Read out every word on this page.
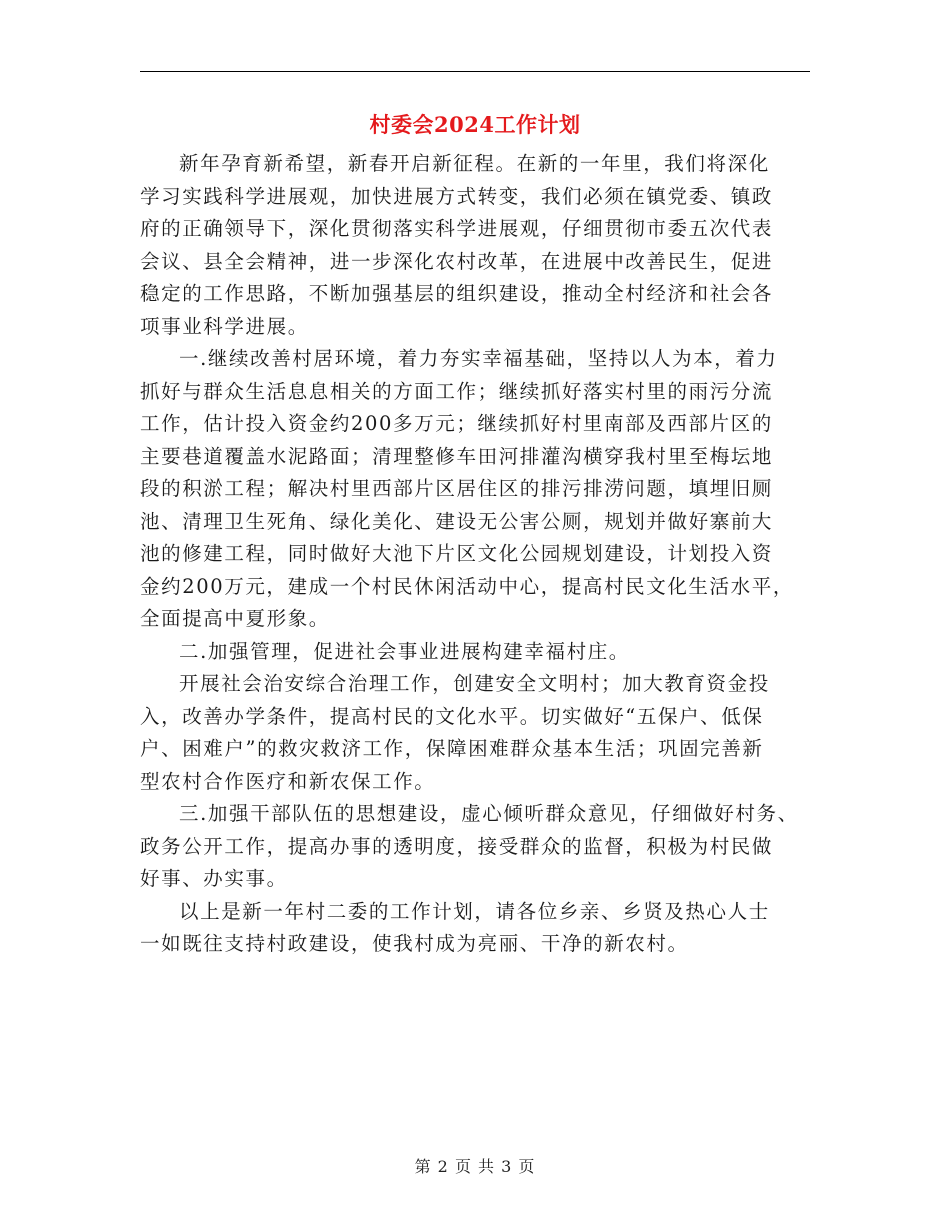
村委会2024工作计划

新年孕育新希望，新春开启新征程。在新的一年里，我们将深化
学习实践科学进展观，加快进展方式转变，我们必须在镇党委、镇政
府的正确领导下，深化贯彻落实科学进展观，仔细贯彻市委五次代表
会议、县全会精神，进一步深化农村改革，在进展中改善民生，促进
稳定的工作思路，不断加强基层的组织建设，推动全村经济和社会各
项事业科学进展。

一.继续改善村居环境，着力夯实幸福基础，坚持以人为本，着力
抓好与群众生活息息相关的方面工作；继续抓好落实村里的雨污分流
工作，估计投入资金约200多万元；继续抓好村里南部及西部片区的
主要巷道覆盖水泥路面；清理整修车田河排灌沟横穿我村里至梅坛地
段的积淤工程；解决村里西部片区居住区的排污排涝问题，填埋旧厕
池、清理卫生死角、绿化美化、建设无公害公厕，规划并做好寨前大
池的修建工程，同时做好大池下片区文化公园规划建设，计划投入资
金约200万元，建成一个村民休闲活动中心，提高村民文化生活水平，
全面提高中夏形象。

二.加强管理，促进社会事业进展构建幸福村庄。

开展社会治安综合治理工作，创建安全文明村；加大教育资金投
入，改善办学条件，提高村民的文化水平。切实做好“五保户、低保
户、困难户”的救灾救济工作，保障困难群众基本生活；巩固完善新
型农村合作医疗和新农保工作。

三.加强干部队伍的思想建设，虚心倾听群众意见，仔细做好村务、
政务公开工作，提高办事的透明度，接受群众的监督，积极为村民做
好事、办实事。

以上是新一年村二委的工作计划，请各位乡亲、乡贤及热心人士
一如既往支持村政建设，使我村成为亮丽、干净的新农村。

第 2 页 共 3 页
